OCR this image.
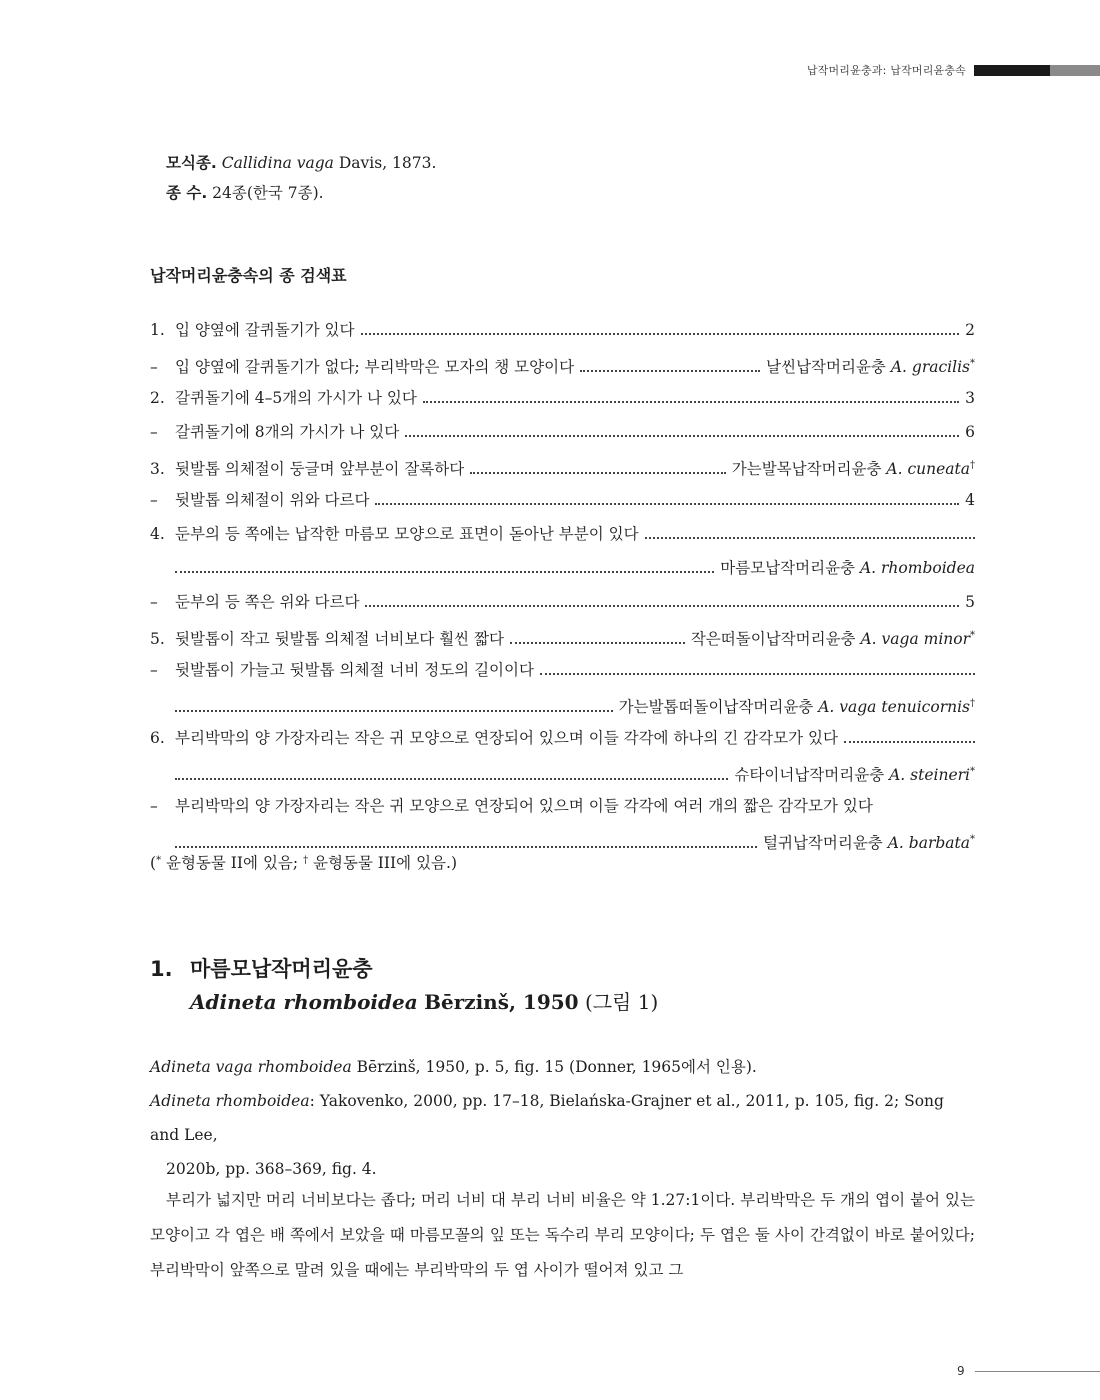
납작머리윤충과: 납작머리윤충속
모식종. Callidina vaga Davis, 1873.
종 수. 24종(한국 7종).
납작머리윤충속의 종 검색표
1. 입 양옆에 갈퀴돌기가 있다	2
–	입 양옆에 갈퀴돌기가 없다; 부리박막은 모자의 챙 모양이다	날씬납작머리윤충 A. gracilis*
2. 갈퀴돌기에 4–5개의 가시가 나 있다	3
–	갈퀴돌기에 8개의 가시가 나 있다	6
3. 뒷발톱 의체절이 둥글며 앞부분이 잘록하다	가는발목납작머리윤충 A. cuneata†
–	뒷발톱 의체절이 위와 다르다	4
4. 둔부의 등 쪽에는 납작한 마름모 모양으로 표면이 돋아난 부분이 있다
마름모납작머리윤충 A. rhomboidea
–	둔부의 등 쪽은 위와 다르다	5
5. 뒷발톱이 작고 뒷발톱 의체절 너비보다 훨씬 짧다	작은떠돌이납작머리윤충 A. vaga minor*
–	뒷발톱이 가늘고 뒷발톱 의체절 너비 정도의 길이이다
가는발톱떠돌이납작머리윤충 A. vaga tenuicornis†
6. 부리박막의 양 가장자리는 작은 귀 모양으로 연장되어 있으며 이들 각각에 하나의 긴 감각모가 있다
슈타이너납작머리윤충 A. steineri*
–	부리박막의 양 가장자리는 작은 귀 모양으로 연장되어 있으며 이들 각각에 여러 개의 짧은 감각모가 있다
털귀납작머리윤충 A. barbata*
(* 윤형동물 II에 있음; † 윤형동물 III에 있음.)
1. 마름모납작머리윤충
Adineta rhomboidea Bērzinš, 1950 (그림 1)

Adineta vaga rhomboidea Bērzinš, 1950, p. 5, fig. 15 (Donner, 1965에서 인용).

Adineta rhomboidea: Yakovenko, 2000, pp. 17–18, Bielańska-Grajner et al., 2011, p. 105, fig. 2; Song and Lee,

2020b, pp. 368–369, fig. 4.

부리가 넓지만 머리 너비보다는 좁다; 머리 너비 대 부리 너비 비율은 약 1.27:1이다. 부리박막은 두 개의 엽이 붙어 있는 모양이고 각 엽은 배 쪽에서 보았을 때 마름모꼴의 잎 또는 독수리 부리 모양이다; 두 엽은 둘 사이 간격없이 바로 붙어있다; 부리박막이 앞쪽으로 말려 있을 때에는 부리박막의 두 엽 사이가 떨어져 있고 그

9
